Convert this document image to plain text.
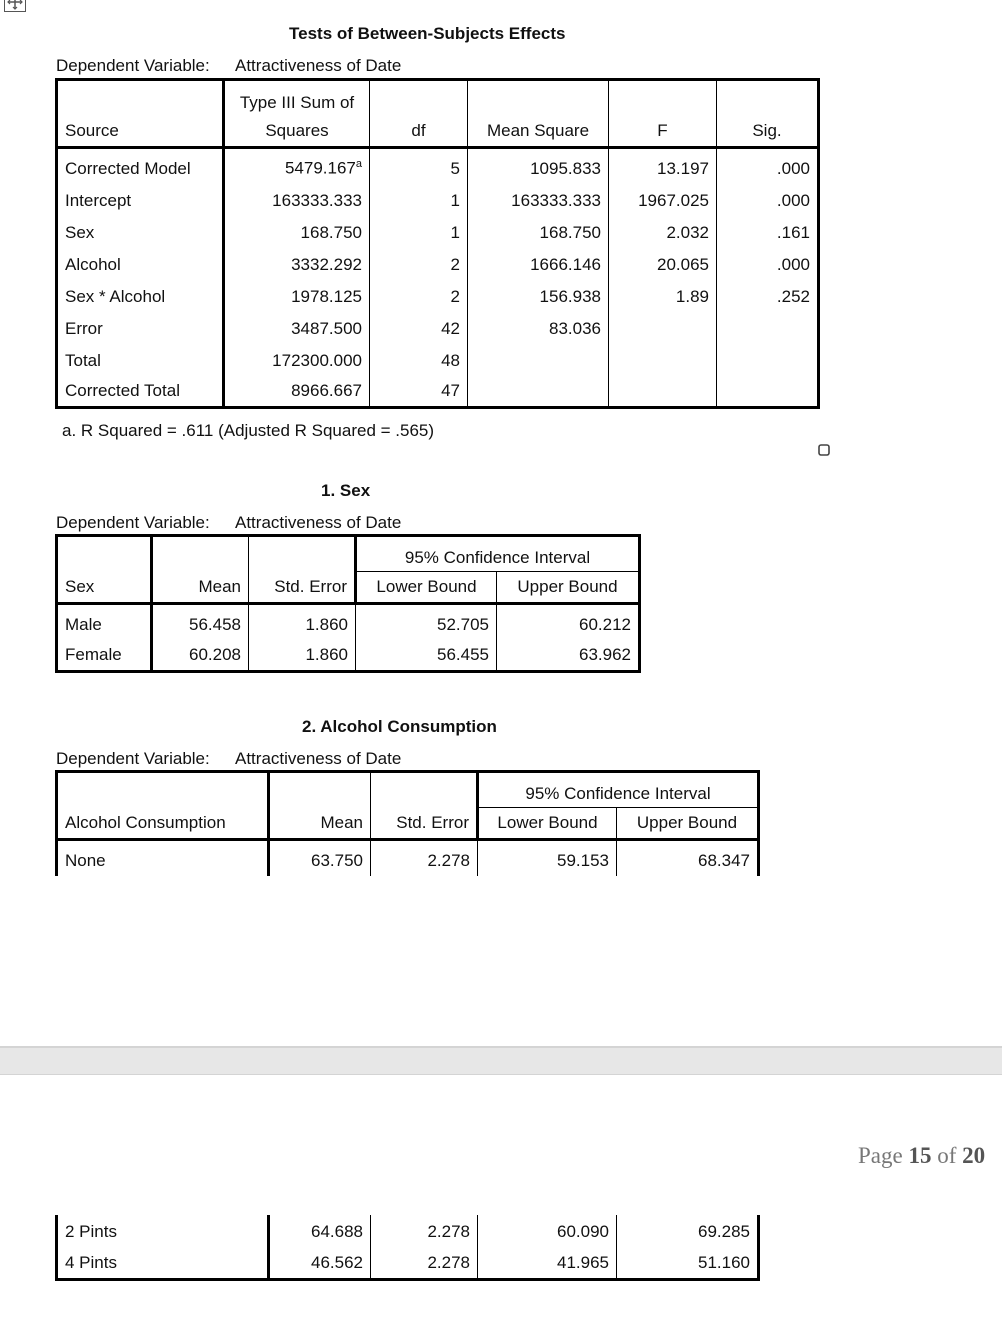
Tests of Between-Subjects Effects
Dependent Variable: Attractiveness of Date
Source	Type III Sum of	df	Mean Square	F	Sig.
	Squares				
Corrected Model	5479.167$^a$	5	1095.833	13.197	.000
Intercept	163333.333	1	163333.333	1967.025	.000
Sex	168.750	1	168.750	2.032	.161
Alcohol	3332.292	2	1666.146	20.065	.000
Sex * Alcohol	1978.125	2	156.938	1.89	.252
Error	3487.500	42	83.036		
Total	172300.000	48			
Corrected Total	8966.667	47			
a. R Squared = .611 (Adjusted R Squared = .565)
1. Sex
Dependent Variable: Attractiveness of Date
Sex	Mean	Std. Error	95% Confidence Interval	
			Lower Bound	Upper Bound
Male	56.458	1.860	52.705	60.212
Female	60.208	1.860	56.455	63.962
2. Alcohol Consumption
Dependent Variable: Attractiveness of Date
Alcohol Consumption	Mean	Std. Error	95% Confidence Interval	
			Lower Bound	Upper Bound
None	63.750	2.278	59.153	68.347
Page 15 of 20
2 Pints	64.688	2.278	60.090	69.285
4 Pints	46.562	2.278	41.965	51.160
